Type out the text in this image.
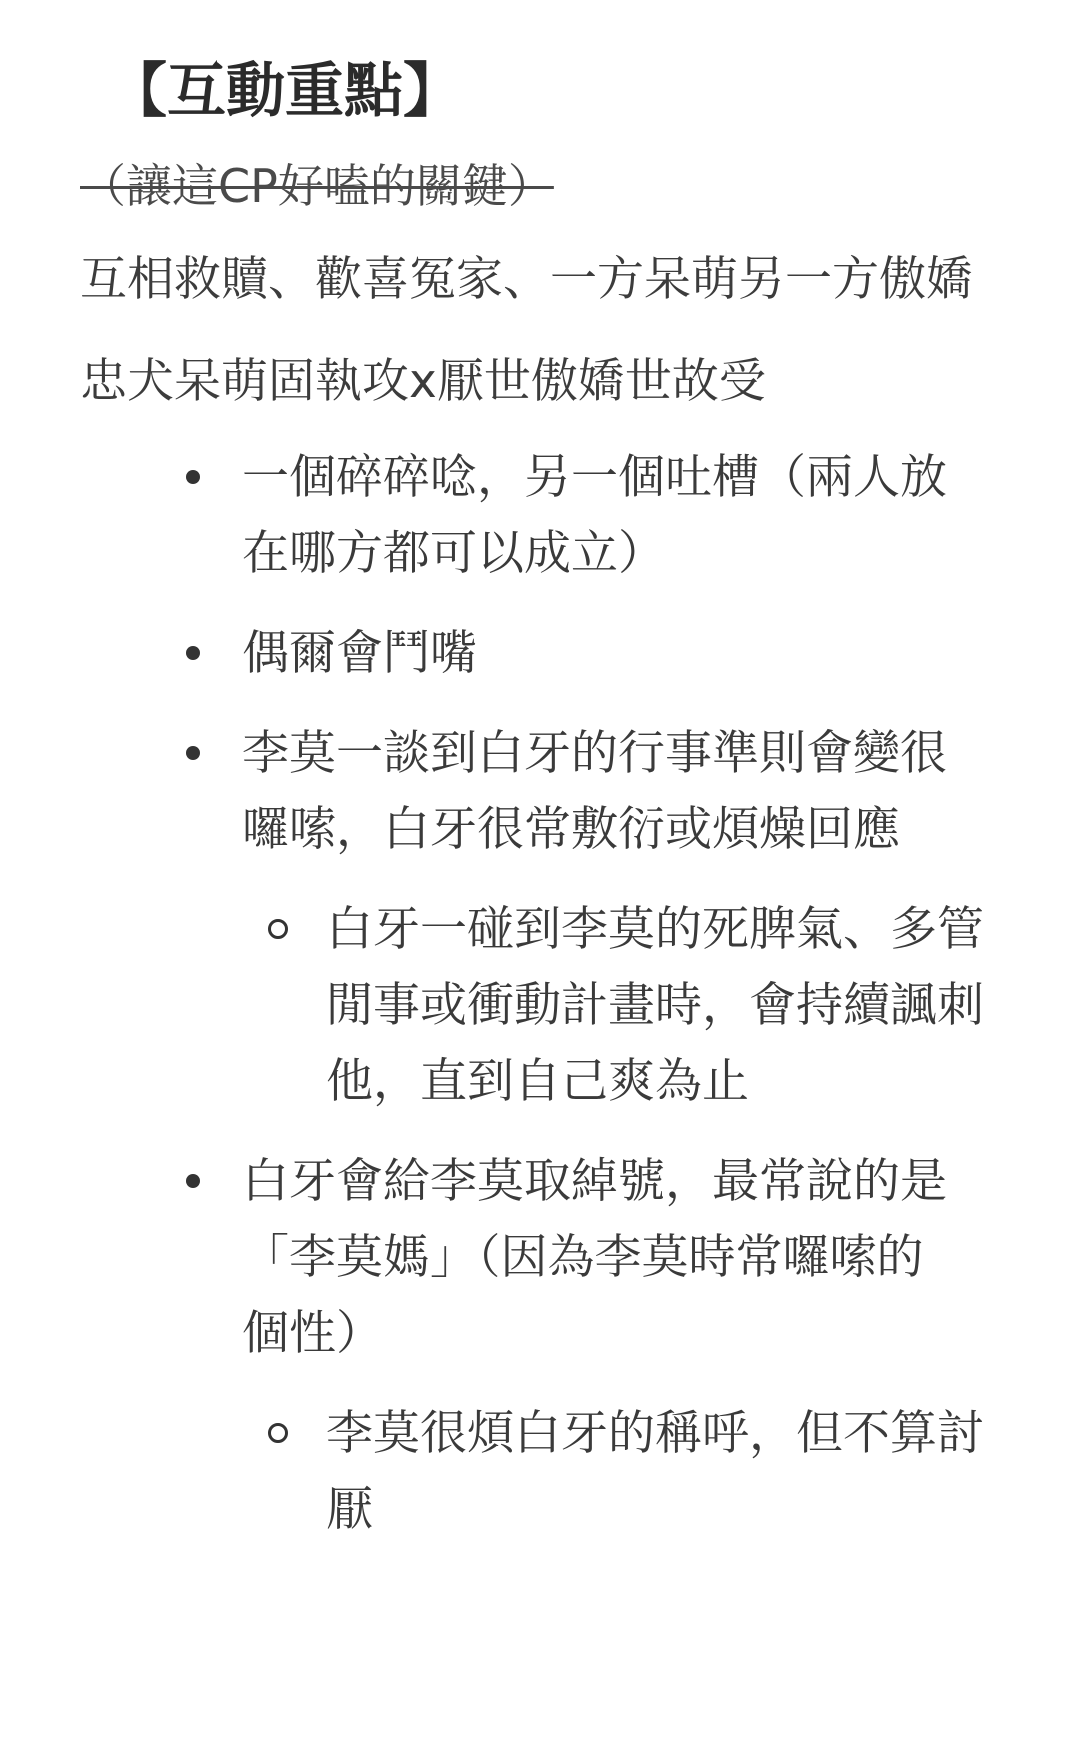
【互動重點】
（讓這CP好嗑的關鍵）

互相救贖、歡喜冤家、一方呆萌另一方傲嬌

忠犬呆萌固執攻x厭世傲嬌世故受

一個碎碎唸，另一個吐槽（兩人放在哪方都可以成立）
偶爾會鬥嘴
李莫一談到白牙的行事準則會變很囉嗦，白牙很常敷衍或煩燥回應
白牙一碰到李莫的死脾氣、多管閒事或衝動計畫時，會持續諷刺他，直到自己爽為止
白牙會給李莫取綽號，最常說的是「李莫媽」（因為李莫時常囉嗦的個性）
李莫很煩白牙的稱呼，但不算討厭
